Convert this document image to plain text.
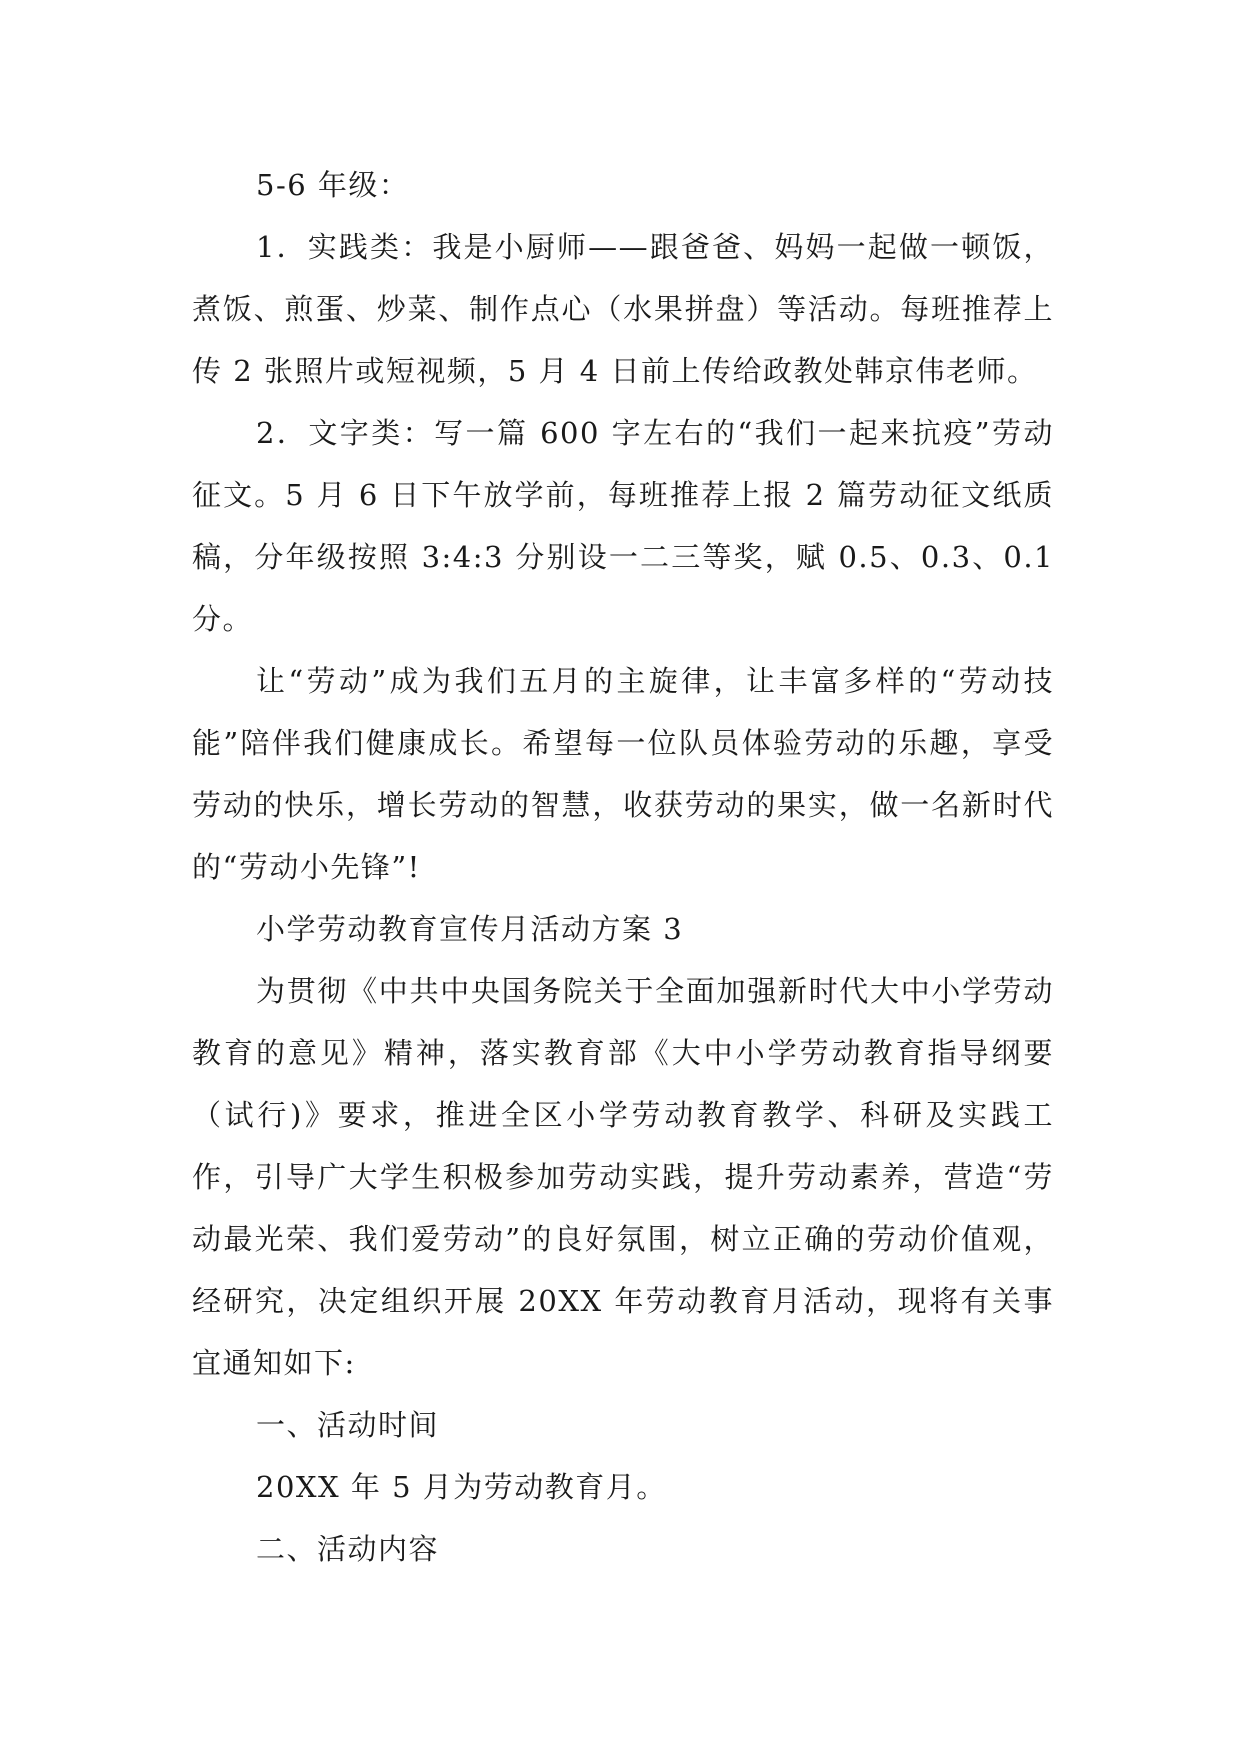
5-6 年级：

1．实践类：我是小厨师——跟爸爸、妈妈一起做一顿饭，煮饭、煎蛋、炒菜、制作点心（水果拼盘）等活动。每班推荐上传 2 张照片或短视频，5 月 4 日前上传给政教处韩京伟老师。

2．文字类：写一篇 600 字左右的“我们一起来抗疫”劳动征文。5 月 6 日下午放学前，每班推荐上报 2 篇劳动征文纸质稿，分年级按照 3:4:3 分别设一二三等奖，赋 0.5、0.3、0.1 分。

让“劳动”成为我们五月的主旋律，让丰富多样的“劳动技能”陪伴我们健康成长。希望每一位队员体验劳动的乐趣，享受劳动的快乐，增长劳动的智慧，收获劳动的果实，做一名新时代的“劳动小先锋”!

小学劳动教育宣传月活动方案 3

为贯彻《中共中央国务院关于全面加强新时代大中小学劳动教育的意见》精神，落实教育部《大中小学劳动教育指导纲要（试行)》要求，推进全区小学劳动教育教学、科研及实践工作，引导广大学生积极参加劳动实践，提升劳动素养，营造“劳动最光荣、我们爱劳动”的良好氛围，树立正确的劳动价值观，经研究，决定组织开展 20XX 年劳动教育月活动，现将有关事宜通知如下:

一、活动时间

20XX 年 5 月为劳动教育月。

二、活动内容
